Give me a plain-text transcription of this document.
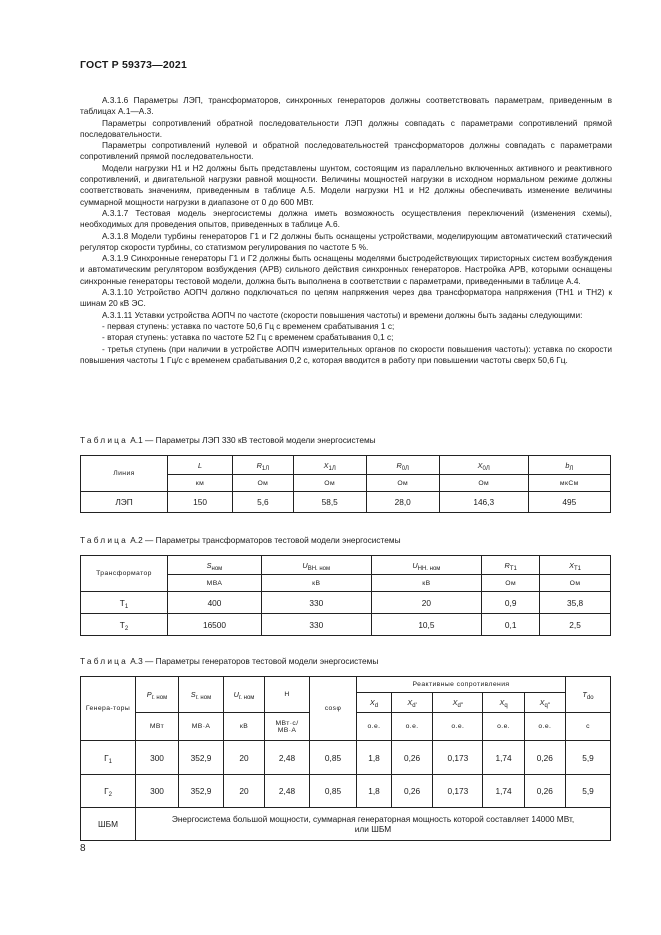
ГОСТ Р 59373—2021

А.3.1.6 Параметры ЛЭП, трансформаторов, синхронных генераторов должны соответствовать параметрам, приведенным в таблицах А.1—А.3.

Параметры сопротивлений обратной последовательности ЛЭП должны совпадать с параметрами сопротивлений прямой последовательности.

Параметры сопротивлений нулевой и обратной последовательностей трансформаторов должны совпадать с параметрами сопротивлений прямой последовательности.

Модели нагрузки Н1 и Н2 должны быть представлены шунтом, состоящим из параллельно включенных активного и реактивного сопротивлений, и двигательной нагрузки равной мощности. Величины мощностей нагрузки в исходном нормальном режиме должны соответствовать значениям, приведенным в таблице А.5. Модели нагрузки Н1 и Н2 должны обеспечивать изменение величины суммарной мощности нагрузки в диапазоне от 0 до 600 МВт.

А.3.1.7 Тестовая модель энергосистемы должна иметь возможность осуществления переключений (изменения схемы), необходимых для проведения опытов, приведенных в таблице А.6.

А.3.1.8 Модели турбины генераторов Г1 и Г2 должны быть оснащены устройствами, моделирующим автоматический статический регулятор скорости турбины, со статизмом регулирования по частоте 5 %.

А.3.1.9 Синхронные генераторы Г1 и Г2 должны быть оснащены моделями быстродействующих тиристорных систем возбуждения и автоматическим регулятором возбуждения (АРВ) сильного действия синхронных генераторов. Настройка АРВ, которыми оснащены синхронные генераторы тестовой модели, должна быть выполнена в соответствии с параметрами, приведенными в таблице А.4.

А.3.1.10 Устройство АОПЧ должно подключаться по цепям напряжения через два трансформатора напряжения (ТН1 и ТН2) к шинам 20 кВ ЭС.

А.3.1.11 Уставки устройства АОПЧ по частоте (скорости повышения частоты) и времени должны быть заданы следующими:

- первая ступень: уставка по частоте 50,6 Гц с временем срабатывания 1 с;

- вторая ступень: уставка по частоте 52 Гц с временем срабатывания 0,1 с;

- третья ступень (при наличии в устройстве АОПЧ измерительных органов по скорости повышения частоты): уставка по скорости повышения частоты 1 Гц/с с временем срабатывания 0,2 с, которая вводится в работу при повышении частоты сверх 50,6 Гц.

Таблица А.1 — Параметры ЛЭП 330 кВ тестовой модели энергосистемы
Линия	L	$R_{1Л}$	$X_{1Л}$	$R_{0Л}$	$X_{0Л}$	$b_Л$
	км	Ом	Ом	Ом	Ом	мкСм
ЛЭП	150	5,6	58,5	28,0	146,3	495
Таблица А.2 — Параметры трансформаторов тестовой модели энергосистемы
Трансформатор	$S_{ном}$	$U_{ВН. ном}$	$U_{НН. ном}$	$R_{T1}$	$X_{T1}$
	МВА	кВ	кВ	Ом	Ом
$Т_1$	400	330	20	0,9	35,8
$Т_2$	16500	330	10,5	0,1	2,5
Таблица А.3 — Параметры генераторов тестовой модели энергосистемы
Генера-торы	$P_{г. ном}$	$S_{г. ном}$	$U_{г. ном}$	H	cosφ	Реактивные сопротивления					$T_{do}$
						$X_d$	$X_{d'}$	$X_{d''}$	$X_q$	$X_{q''}$
	МВт	МВ·А	кВ	МВт·с/МВ·А		о.е.	о.е.	о.е.	о.е.	о.е.	с
$Г_1$	300	352,9	20	2,48	0,85	1,8	0,26	0,173	1,74	0,26	5,9
$Г_2$	300	352,9	20	2,48	0,85	1,8	0,26	0,173	1,74	0,26	5,9
ШБМ	Энергосистема большой мощности, суммарная генераторная мощность которой составляет 14000 МВт, или ШБМ										
8
